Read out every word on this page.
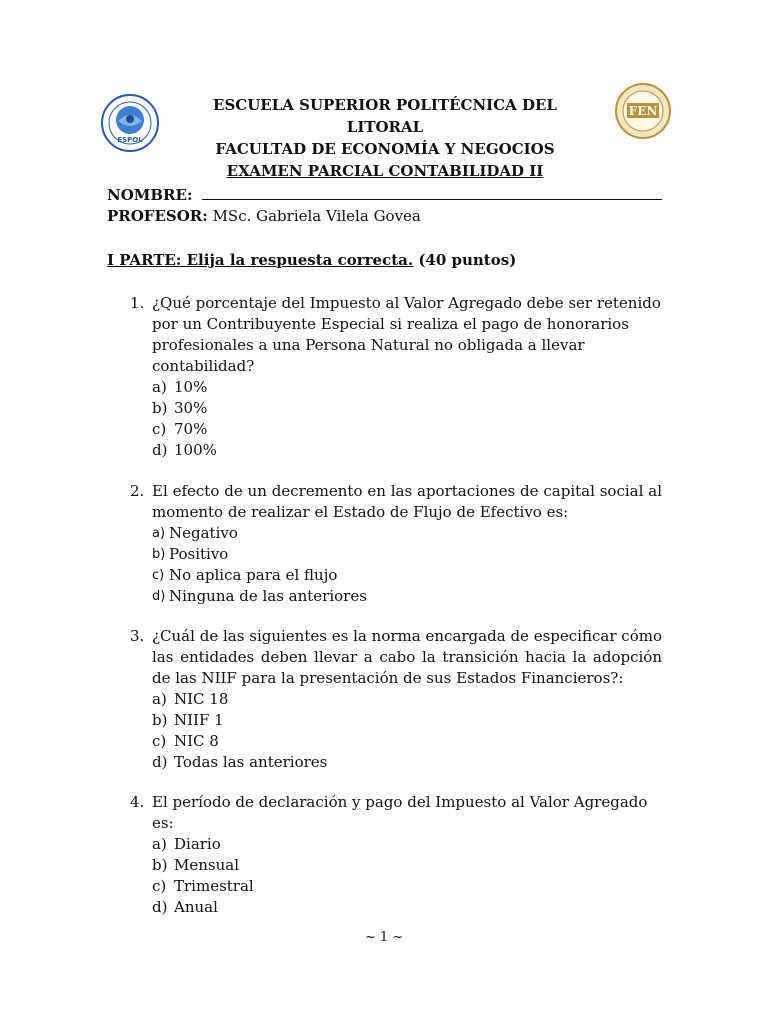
ESPOL
ESCUELA SUPERIOR POLITÉCNICA DEL LITORAL
FACULTAD DE ECONOMÍA Y NEGOCIOS
EXAMEN PARCIAL CONTABILIDAD II
FEN
NOMBRE:
PROFESOR: MSc. Gabriela Vilela Govea
I PARTE: Elija la respuesta correcta. (40 puntos)
1. ¿Qué porcentaje del Impuesto al Valor Agregado debe ser retenido por un Contribuyente Especial si realiza el pago de honorarios profesionales a una Persona Natural no obligada a llevar contabilidad?
a) 10%
b) 30%
c) 70%
d) 100%
2. El efecto de un decremento en las aportaciones de capital social al momento de realizar el Estado de Flujo de Efectivo es:
a) Negativo
b) Positivo
c) No aplica para el flujo
d) Ninguna de las anteriores
3. ¿Cuál de las siguientes es la norma encargada de especificar cómo las entidades deben llevar a cabo la transición hacia la adopción de las NIIF para la presentación de sus Estados Financieros?:
a) NIC 18
b) NIIF 1
c) NIC 8
d) Todas las anteriores
4. El período de declaración y pago del Impuesto al Valor Agregado es:
a) Diario
b) Mensual
c) Trimestral
d) Anual
~ 1 ~
